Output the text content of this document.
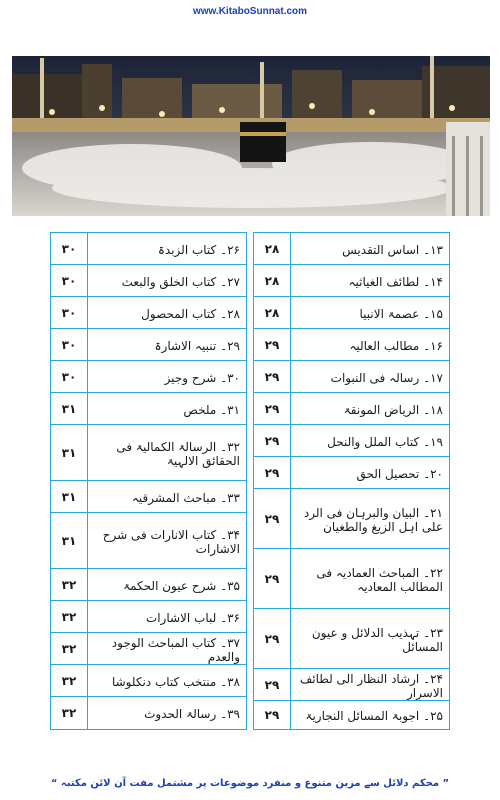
www.KitaboSunnat.com
۲۶۔ کتاب الزبدۃ
۳۰
۲۷۔ کتاب الخلق والبعث
۳۰
۲۸۔ کتاب المحصول
۳۰
۲۹۔ تنبیہ الاشارۃ
۳۰
۳۰۔ شرح وجیز
۳۰
۳۱۔ ملخص
۳۱
۳۲۔ الرسالۃ الکمالیۃ فی الحقائق الالہیۃ
۳۱
۳۳۔ مباحث المشرقیہ
۳۱
۳۴۔ کتاب الانارات فی شرح الاشارات
۳۱
۳۵۔ شرح عیون الحکمۃ
۳۲
۳۶۔ لباب الاشارات
۳۲
۳۷۔ کتاب المباحث الوجود والعدم
۳۲
۳۸۔ منتخب کتاب دنکلوشا
۳۲
۳۹۔ رسالۃ الحدوث
۳۲
۱۳۔ اساس التقدیس
۲۸
۱۴۔ لطائف الغیاثیہ
۲۸
۱۵۔ عصمۃ الانبیا
۲۸
۱۶۔ مطالب العالیہ
۲۹
۱۷۔ رسالہ فی النبوات
۲۹
۱۸۔ الریاض المونقۃ
۲۹
۱۹۔ کتاب الملل والنحل
۲۹
۲۰۔ تحصیل الحق
۲۹
۲۱۔ البیان والبرہان فی الرد علی اہل الزیغ والطغیان
۲۹
۲۲۔ المباحث العمادیہ فی المطالب المعادیہ
۲۹
۲۳۔ تہذیب الدلائل و عیون المسائل
۲۹
۲۴۔ ارشاد النظار الی لطائف الاسرار
۲۹
۲۵۔ اجوبۃ المسائل النجاریۃ
۲۹
” محکم دلائل سے مزین متنوع و منفرد موضوعات پر مشتمل مفت آن لائن مکتبہ “
